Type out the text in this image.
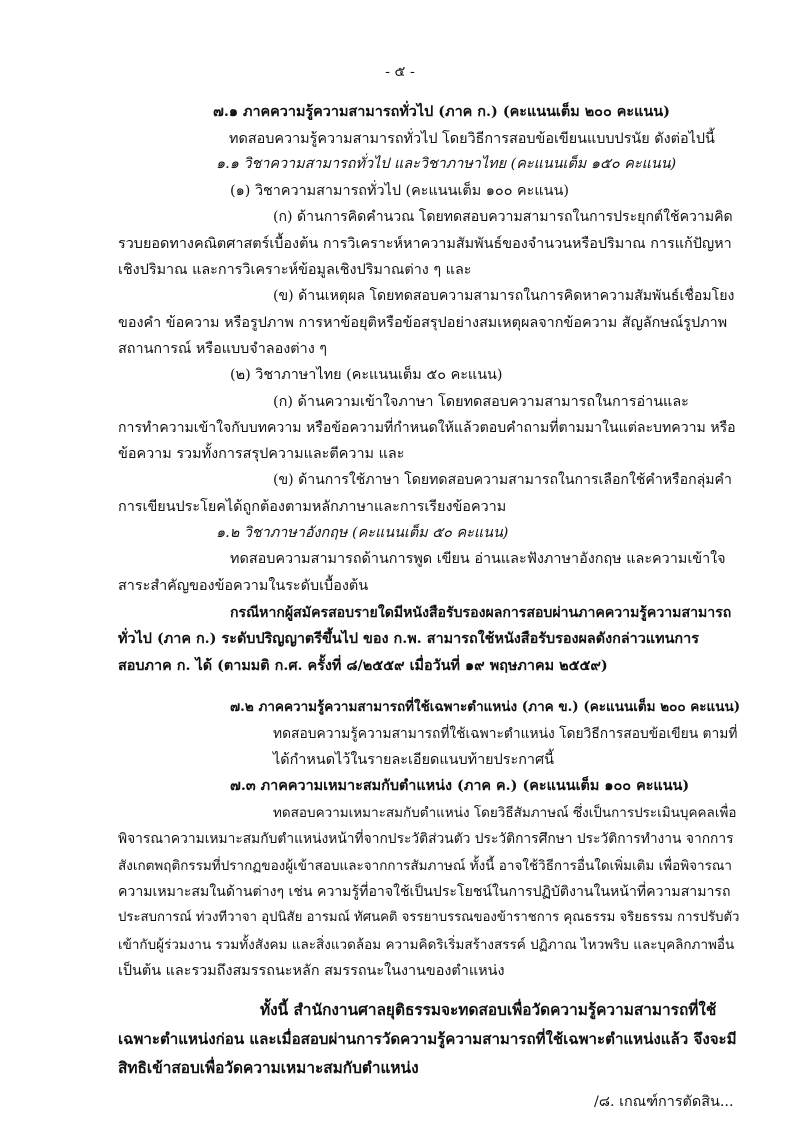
- ๕ -
๗.๑ ภาคความรู้ความสามารถทั่วไป (ภาค ก.) (คะแนนเต็ม ๒๐๐ คะแนน)
ทดสอบความรู้ความสามารถทั่วไป โดยวิธีการสอบข้อเขียนแบบปรนัย ดังต่อไปนี้
๑.๑ วิชาความสามารถทั่วไป และวิชาภาษาไทย (คะแนนเต็ม ๑๕๐ คะแนน)
(๑) วิชาความสามารถทั่วไป (คะแนนเต็ม ๑๐๐ คะแนน)
(ก) ด้านการคิดคำนวณ โดยทดสอบความสามารถในการประยุกต์ใช้ความคิด
รวบยอดทางคณิตศาสตร์เบื้องต้น การวิเคราะห์หาความสัมพันธ์ของจำนวนหรือปริมาณ การแก้ปัญหา
เชิงปริมาณ และการวิเคราะห์ข้อมูลเชิงปริมาณต่าง ๆ และ
(ข) ด้านเหตุผล โดยทดสอบความสามารถในการคิดหาความสัมพันธ์เชื่อมโยง
ของคำ ข้อความ หรือรูปภาพ การหาข้อยุติหรือข้อสรุปอย่างสมเหตุผลจากข้อความ สัญลักษณ์รูปภาพ
สถานการณ์ หรือแบบจำลองต่าง ๆ
(๒) วิชาภาษาไทย (คะแนนเต็ม ๕๐ คะแนน)
(ก) ด้านความเข้าใจภาษา โดยทดสอบความสามารถในการอ่านและ
การทำความเข้าใจกับบทความ หรือข้อความที่กำหนดให้แล้วตอบคำถามที่ตามมาในแต่ละบทความ หรือ
ข้อความ รวมทั้งการสรุปความและตีความ และ
(ข) ด้านการใช้ภาษา โดยทดสอบความสามารถในการเลือกใช้คำหรือกลุ่มคำ
การเขียนประโยคได้ถูกต้องตามหลักภาษาและการเรียงข้อความ
๑.๒ วิชาภาษาอังกฤษ (คะแนนเต็ม ๕๐ คะแนน)
ทดสอบความสามารถด้านการพูด เขียน อ่านและฟังภาษาอังกฤษ และความเข้าใจ
สาระสำคัญของข้อความในระดับเบื้องต้น
กรณีหากผู้สมัครสอบรายใดมีหนังสือรับรองผลการสอบผ่านภาคความรู้ความสามารถ
ทั่วไป (ภาค ก.) ระดับปริญญาตรีขึ้นไป ของ ก.พ. สามารถใช้หนังสือรับรองผลดังกล่าวแทนการ
สอบภาค ก. ได้ (ตามมติ ก.ศ. ครั้งที่ ๘/๒๕๕๙ เมื่อวันที่ ๑๙ พฤษภาคม ๒๕๕๙)
๗.๒ ภาคความรู้ความสามารถที่ใช้เฉพาะตำแหน่ง (ภาค ข.) (คะแนนเต็ม ๒๐๐ คะแนน)
ทดสอบความรู้ความสามารถที่ใช้เฉพาะตำแหน่ง โดยวิธีการสอบข้อเขียน ตามที่
ได้กำหนดไว้ในรายละเอียดแนบท้ายประกาศนี้
๗.๓ ภาคความเหมาะสมกับตำแหน่ง (ภาค ค.) (คะแนนเต็ม ๑๐๐ คะแนน)
ทดสอบความเหมาะสมกับตำแหน่ง โดยวิธีสัมภาษณ์ ซึ่งเป็นการประเมินบุคคลเพื่อ
พิจารณาความเหมาะสมกับตำแหน่งหน้าที่จากประวัติส่วนตัว ประวัติการศึกษา ประวัติการทำงาน จากการ
สังเกตพฤติกรรมที่ปรากฏของผู้เข้าสอบและจากการสัมภาษณ์ ทั้งนี้ อาจใช้วิธีการอื่นใดเพิ่มเติม เพื่อพิจารณา
ความเหมาะสมในด้านต่างๆ เช่น ความรู้ที่อาจใช้เป็นประโยชน์ในการปฏิบัติงานในหน้าที่ความสามารถ
ประสบการณ์ ท่วงทีวาจา อุปนิสัย อารมณ์ ทัศนคติ จรรยาบรรณของข้าราชการ คุณธรรม จริยธรรม การปรับตัว
เข้ากับผู้ร่วมงาน รวมทั้งสังคม และสิ่งแวดล้อม ความคิดริเริ่มสร้างสรรค์ ปฏิภาณ ไหวพริบ และบุคลิกภาพอื่น
เป็นต้น และรวมถึงสมรรถนะหลัก สมรรถนะในงานของตำแหน่ง
ทั้งนี้ สำนักงานศาลยุติธรรมจะทดสอบเพื่อวัดความรู้ความสามารถที่ใช้
เฉพาะตำแหน่งก่อน และเมื่อสอบผ่านการวัดความรู้ความสามารถที่ใช้เฉพาะตำแหน่งแล้ว จึงจะมี
สิทธิเข้าสอบเพื่อวัดความเหมาะสมกับตำแหน่ง
/๘. เกณฑ์การตัดสิน...
